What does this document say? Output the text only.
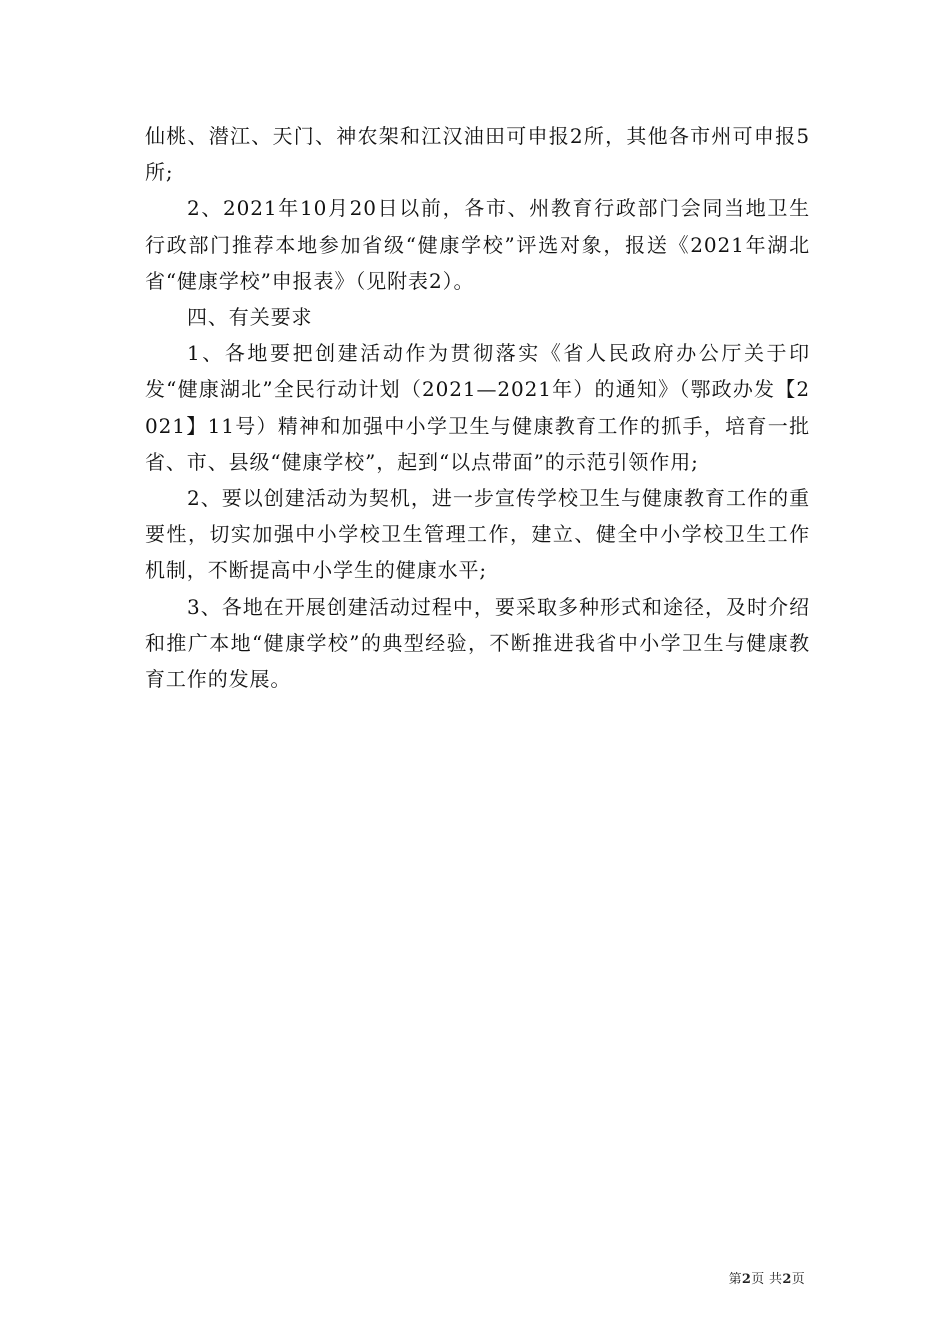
仙桃、潜江、天门、神农架和江汉油田可申报2所，其他各市州可申报5所;

2、2021年10月20日以前，各市、州教育行政部门会同当地卫生行政部门推荐本地参加省级“健康学校”评选对象，报送《2021年湖北省“健康学校”申报表》（见附表2）。

四、有关要求

1、各地要把创建活动作为贯彻落实《省人民政府办公厅关于印发“健康湖北”全民行动计划（2021—2021年）的通知》（鄂政办发【2021】11号）精神和加强中小学卫生与健康教育工作的抓手，培育一批省、市、县级“健康学校”，起到“以点带面”的示范引领作用;

2、要以创建活动为契机，进一步宣传学校卫生与健康教育工作的重要性，切实加强中小学校卫生管理工作，建立、健全中小学校卫生工作机制，不断提高中小学生的健康水平;

3、各地在开展创建活动过程中，要采取多种形式和途径，及时介绍和推广本地“健康学校”的典型经验，不断推进我省中小学卫生与健康教育工作的发展。

第2页 共2页
